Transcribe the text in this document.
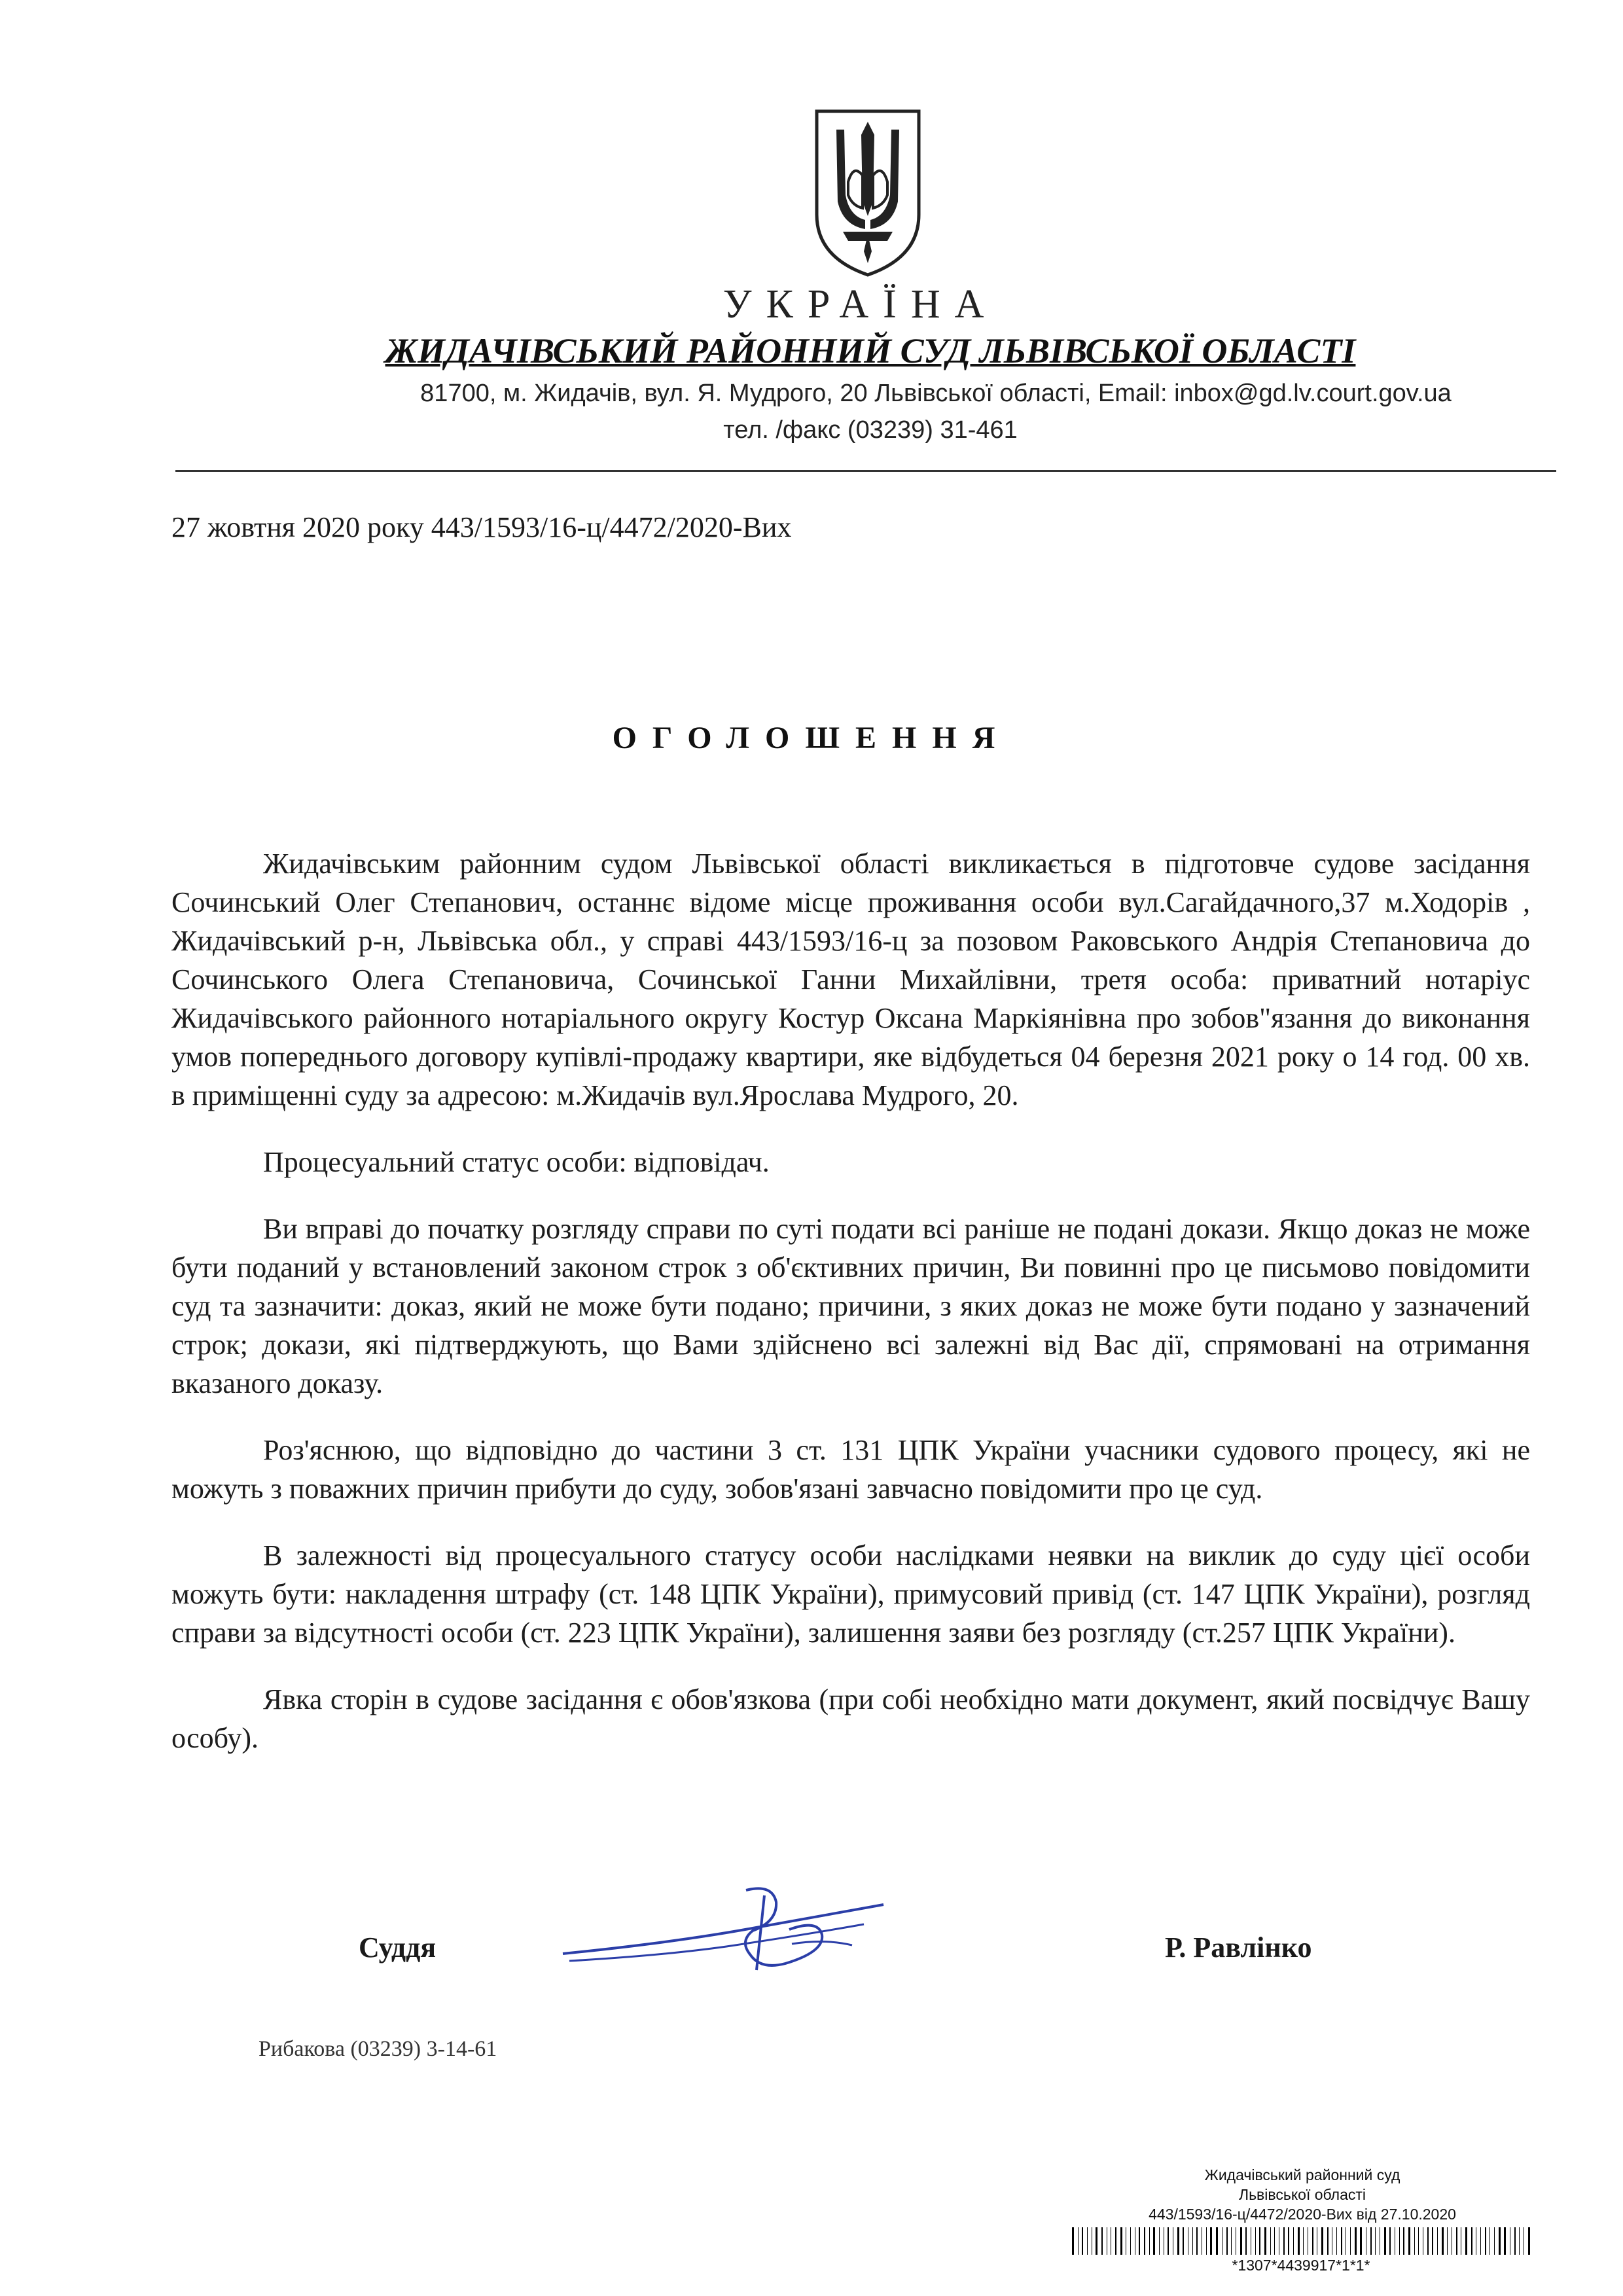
УКРАЇНА
ЖИДАЧІВСЬКИЙ РАЙОННИЙ СУД ЛЬВІВСЬКОЇ ОБЛАСТІ
81700, м. Жидачів, вул. Я. Мудрого, 20 Львівської області, Email: inbox@gd.lv.court.gov.ua
тел. /факс (03239) 31-461
27 жовтня 2020 року 443/1593/16-ц/4472/2020-Вих
ОГОЛОШЕННЯ

Жидачівським районним судом Львівської області викликається в підготовче судове засідання Сочинський Олег Степанович, останнє відоме місце проживання особи вул.Сагайдачного,37 м.Ходорів , Жидачівський р-н, Львівська обл., у справі 443/1593/16-ц за позовом Раковського Андрія Степановича до Сочинського Олега Степановича, Сочинської Ганни Михайлівни, третя особа: приватний нотаріус Жидачівського районного нотаріального округу Костур Оксана Маркіянівна про зобов"язання до виконання умов попереднього договору купівлі-продажу квартири, яке відбудеться 04 березня 2021 року о 14 год. 00 хв. в приміщенні суду за адресою: м.Жидачів вул.Ярослава Мудрого, 20.

Процесуальний статус особи: відповідач.

Ви вправі до початку розгляду справи по суті подати всі раніше не подані докази. Якщо доказ не може бути поданий у встановлений законом строк з об'єктивних причин, Ви повинні про це письмово повідомити суд та зазначити: доказ, який не може бути подано; причини, з яких доказ не може бути подано у зазначений строк; докази, які підтверджують, що Вами здійснено всі залежні від Вас дії, спрямовані на отримання вказаного доказу.

Роз'яснюю, що відповідно до частини 3 ст. 131 ЦПК України учасники судового процесу, які не можуть з поважних причин прибути до суду, зобов'язані завчасно повідомити про це суд.

В залежності від процесуального статусу особи наслідками неявки на виклик до суду цієї особи можуть бути: накладення штрафу (ст. 148 ЦПК України), примусовий привід (ст. 147 ЦПК України), розгляд справи за відсутності особи (ст. 223 ЦПК України), залишення заяви без розгляду (ст.257 ЦПК України).

Явка сторін в судове засідання є обов'язкова (при собі необхідно мати документ, який посвідчує Вашу особу).

Суддя	Р. Равлінко
Рибакова (03239) 3-14-61
Жидачівський районний суд
Львівської області
443/1593/16-ц/4472/2020-Вих від 27.10.2020
*1307*4439917*1*1*
